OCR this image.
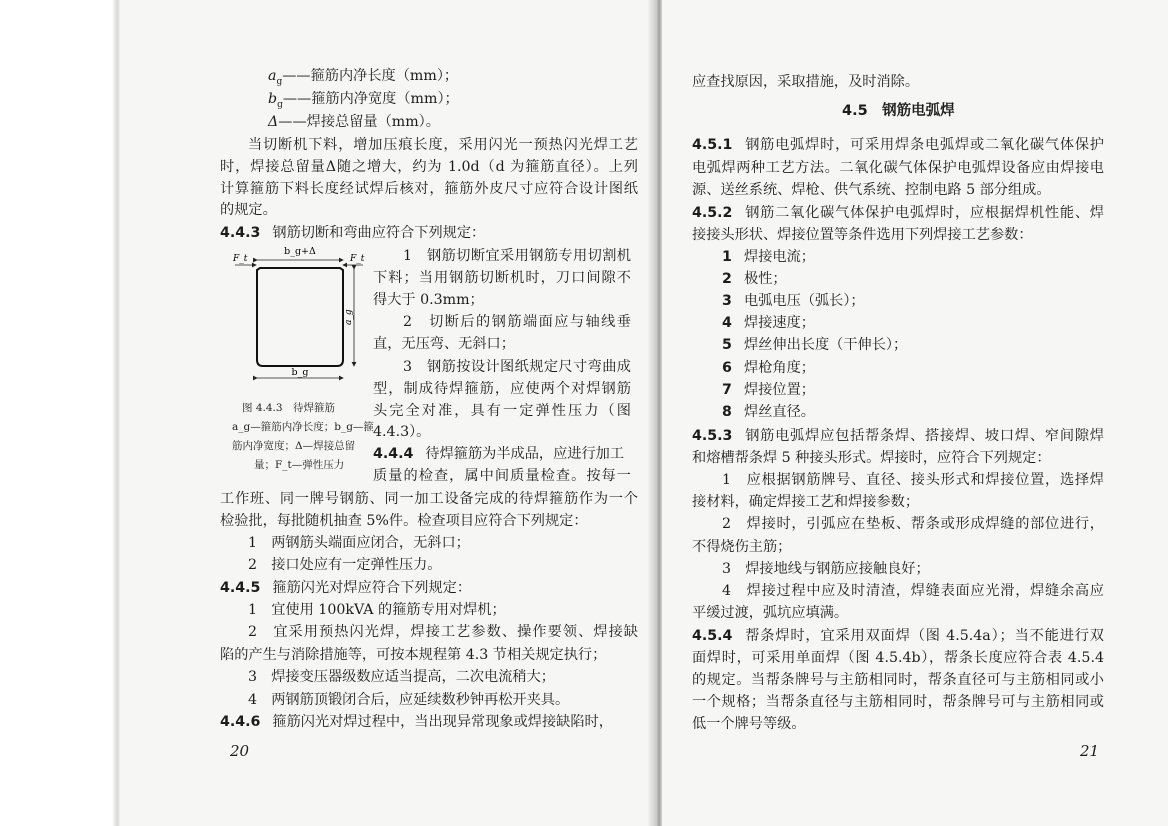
$a_g——$箍筋内净长度（mm）；
$b_g——$箍筋内净宽度（mm）；
Δ——焊接总留量（mm）。
当切断机下料，增加压痕长度，采用闪光一预热闪光焊工艺
时，焊接总留量Δ随之增大，约为 1.0d（d 为箍筋直径）。上列
计算箍筋下料长度经试焊后核对，箍筋外皮尺寸应符合设计图纸
的规定。
4.4.3 钢筋切断和弯曲应符合下列规定：
1　钢筋切断宜采用钢筋专用切割机
下料；当用钢筋切断机时，刀口间隙不
得大于 0.3mm；
2　切断后的钢筋端面应与轴线垂
直，无压弯、无斜口；
3　钢筋按设计图纸规定尺寸弯曲成
型，制成待焊箍筋，应使两个对焊钢筋
头完全对准，具有一定弹性压力（图
4.4.3）。
4.4.4 待焊箍筋为半成品，应进行加工
质量的检查，属中间质量检查。按每一
工作班、同一牌号钢筋、同一加工设备完成的待焊箍筋作为一个
检验批，每批随机抽查 5%件。检查项目应符合下列规定：
1　两钢筋头端面应闭合，无斜口；
2　接口处应有一定弹性压力。
4.4.5 箍筋闪光对焊应符合下列规定：
1　宜使用 100kVA 的箍筋专用对焊机；
2　宜采用预热闪光焊，焊接工艺参数、操作要领、焊接缺
陷的产生与消除措施等，可按本规程第 4.3 节相关规定执行；
3　焊接变压器级数应适当提高，二次电流稍大；
4　两钢筋顶锻闭合后，应延续数秒钟再松开夹具。
4.4.6 箍筋闪光对焊过程中，当出现异常现象或焊接缺陷时，
b_g+Δ
F_t	F_t
a_g
b_g
图 4.4.3　待焊箍筋
a_g—箍筋内净长度；b_g—箍
筋内净宽度；Δ—焊接总留
量；F_t—弹性压力
20
应查找原因，采取措施，及时消除。
4.5　钢筋电弧焊
4.5.1 钢筋电弧焊时，可采用焊条电弧焊或二氧化碳气体保护
电弧焊两种工艺方法。二氧化碳气体保护电弧焊设备应由焊接电
源、送丝系统、焊枪、供气系统、控制电路 5 部分组成。
4.5.2 钢筋二氧化碳气体保护电弧焊时，应根据焊机性能、焊
接接头形状、焊接位置等条件选用下列焊接工艺参数：
1 焊接电流；
2 极性；
3 电弧电压（弧长）；
4 焊接速度；
5 焊丝伸出长度（干伸长）；
6 焊枪角度；
7 焊接位置；
8 焊丝直径。
4.5.3 钢筋电弧焊应包括帮条焊、搭接焊、坡口焊、窄间隙焊
和熔槽帮条焊 5 种接头形式。焊接时，应符合下列规定：
1　应根据钢筋牌号、直径、接头形式和焊接位置，选择焊
接材料，确定焊接工艺和焊接参数；
2　焊接时，引弧应在垫板、帮条或形成焊缝的部位进行，
不得烧伤主筋；
3　焊接地线与钢筋应接触良好；
4　焊接过程中应及时清渣，焊缝表面应光滑，焊缝余高应
平缓过渡，弧坑应填满。
4.5.4 帮条焊时，宜采用双面焊（图 4.5.4a）；当不能进行双
面焊时，可采用单面焊（图 4.5.4b），帮条长度应符合表 4.5.4
的规定。当帮条牌号与主筋相同时，帮条直径可与主筋相同或小
一个规格；当帮条直径与主筋相同时，帮条牌号可与主筋相同或
低一个牌号等级。
21
